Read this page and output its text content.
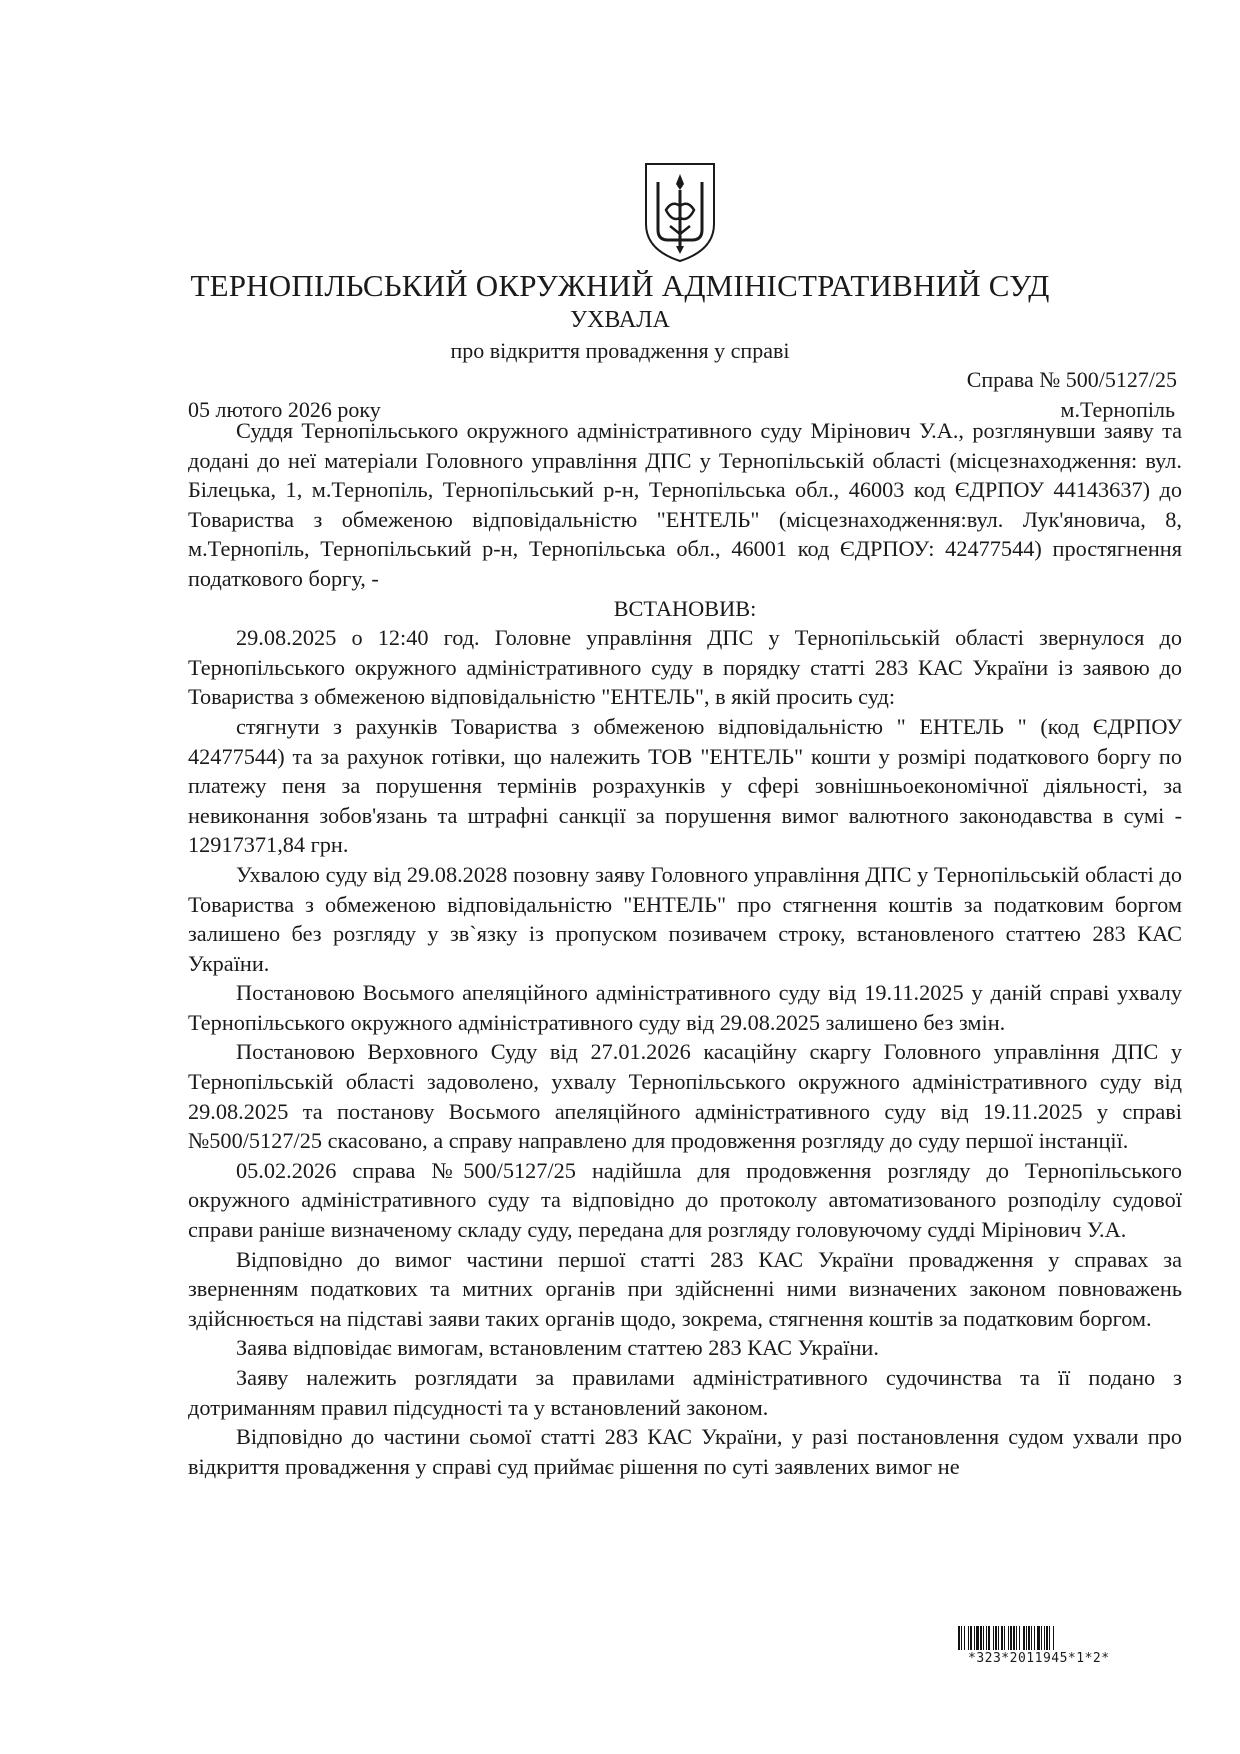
ТЕРНОПІЛЬСЬКИЙ ОКРУЖНИЙ АДМІНІСТРАТИВНИЙ СУД
УХВАЛА
про відкриття провадження у справі
Справа № 500/5127/25
05 лютого 2026 року	м.Тернопіль

Суддя Тернопільського окружного адміністративного суду Мірінович У.А., розглянувши заяву та додані до неї матеріали Головного управління ДПС у Тернопільській області (місцезнаходження: вул. Білецька, 1, м.Тернопіль, Тернопільський р-н, Тернопільська обл., 46003 код ЄДРПОУ 44143637) до Товариства з обмеженою відповідальністю "ЕНТЕЛЬ" (місцезнаходження:вул. Лук'яновича, 8, м.Тернопіль, Тернопільський р-н, Тернопільська обл., 46001 код ЄДРПОУ: 42477544) простягнення податкового боргу, -

ВСТАНОВИВ:

29.08.2025 о 12:40 год. Головне управління ДПС у Тернопільській області звернулося до Тернопільського окружного адміністративного суду в порядку статті 283 КАС України із заявою до Товариства з обмеженою відповідальністю "ЕНТЕЛЬ", в якій просить суд:

стягнути з рахунків Товариства з обмеженою відповідальністю " ЕНТЕЛЬ " (код ЄДРПОУ 42477544) та за рахунок готівки, що належить ТОВ "ЕНТЕЛЬ" кошти у розмірі податкового боргу по платежу пеня за порушення термінів розрахунків у сфері зовнішньоекономічної діяльності, за невиконання зобов'язань та штрафні санкції за порушення вимог валютного законодавства в сумі - 12917371,84 грн.

Ухвалою суду від 29.08.2028 позовну заяву Головного управління ДПС у Тернопільській області до Товариства з обмеженою відповідальністю "ЕНТЕЛЬ" про стягнення коштів за податковим боргом залишено без розгляду у зв`язку із пропуском позивачем строку, встановленого статтею 283 КАС України.

Постановою Восьмого апеляційного адміністративного суду від 19.11.2025 у даній справі ухвалу Тернопільського окружного адміністративного суду від 29.08.2025 залишено без змін.

Постановою Верховного Суду від 27.01.2026 касаційну скаргу Головного управління ДПС у Тернопільській області задоволено, ухвалу Тернопільського окружного адміністративного суду від 29.08.2025 та постанову Восьмого апеляційного адміністративного суду від 19.11.2025 у справі №500/5127/25 скасовано, а справу направлено для продовження розгляду до суду першої інстанції.

05.02.2026 справа №500/5127/25 надійшла для продовження розгляду до Тернопільського окружного адміністративного суду та відповідно до протоколу автоматизованого розподілу судової справи раніше визначеному складу суду, передана для розгляду головуючому судді Мірінович У.А.

Відповідно до вимог частини першої статті 283 КАС України провадження у справах за зверненням податкових та митних органів при здійсненні ними визначених законом повноважень здійснюється на підставі заяви таких органів щодо, зокрема, стягнення коштів за податковим боргом.

Заява відповідає вимогам, встановленим статтею 283 КАС України.

Заяву належить розглядати за правилами адміністративного судочинства та її подано з дотриманням правил підсудності та у встановлений законом.

Відповідно до частини сьомої статті 283 КАС України, у разі постановлення судом ухвали про відкриття провадження у справі суд приймає рішення по суті заявлених вимог не

*323*2011945*1*2*
